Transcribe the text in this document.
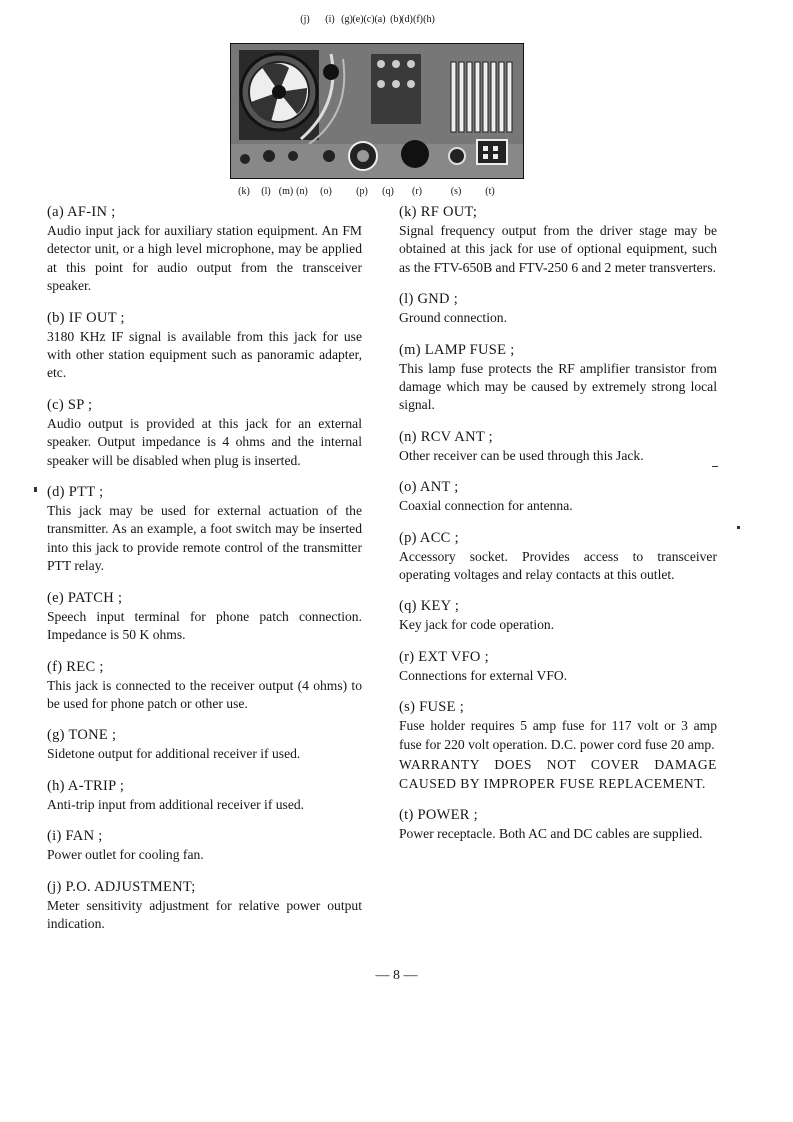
(j) (i) (g) (e) (c) (a) (b) (d) (f) (h)
(k) (l) (m) (n) (o) (p) (q) (r)	(s) (t)
(a) AF-IN ;
Audio input jack for auxiliary station equipment. An FM detector unit, or a high level microphone, may be applied at this point for audio output from the transceiver speaker.
(b) IF OUT ;
3180 KHz IF signal is available from this jack for use with other station equipment such as panoramic adapter, etc.
(c) SP ;
Audio output is provided at this jack for an external speaker. Output impedance is 4 ohms and the internal speaker will be disabled when plug is inserted.
(d) PTT ;
This jack may be used for external actuation of the transmitter. As an example, a foot switch may be inserted into this jack to provide remote control of the transmitter PTT relay.
(e) PATCH ;
Speech input terminal for phone patch connection. Impedance is 50 K ohms.
(f) REC ;
This jack is connected to the receiver output (4 ohms) to be used for phone patch or other use.
(g) TONE ;
Sidetone output for additional receiver if used.
(h) A-TRIP ;
Anti-trip input from additional receiver if used.
(i) FAN ;
Power outlet for cooling fan.
(j) P.O. ADJUSTMENT;
Meter sensitivity adjustment for relative power output indication.
(k) RF OUT;
Signal frequency output from the driver stage may be obtained at this jack for use of optional equipment, such as the FTV-650B and FTV-250 6 and 2 meter transverters.
(l) GND ;
Ground connection.
(m) LAMP FUSE ;
This lamp fuse protects the RF amplifier transistor from damage which may be caused by extremely strong local signal.
(n) RCV ANT ;
Other receiver can be used through this Jack.
(o) ANT ;
Coaxial connection for antenna.
(p) ACC ;
Accessory socket. Provides access to transceiver operating voltages and relay contacts at this outlet.
(q) KEY ;
Key jack for code operation.
(r) EXT VFO ;
Connections for external VFO.
(s) FUSE ;
Fuse holder requires 5 amp fuse for 117 volt or 3 amp fuse for 220 volt operation. D.C. power cord fuse 20 amp.
WARRANTY DOES NOT COVER DAMAGE CAUSED BY IMPROPER FUSE REPLACEMENT.
(t) POWER ;
Power receptacle. Both AC and DC cables are supplied.
— 8 —
